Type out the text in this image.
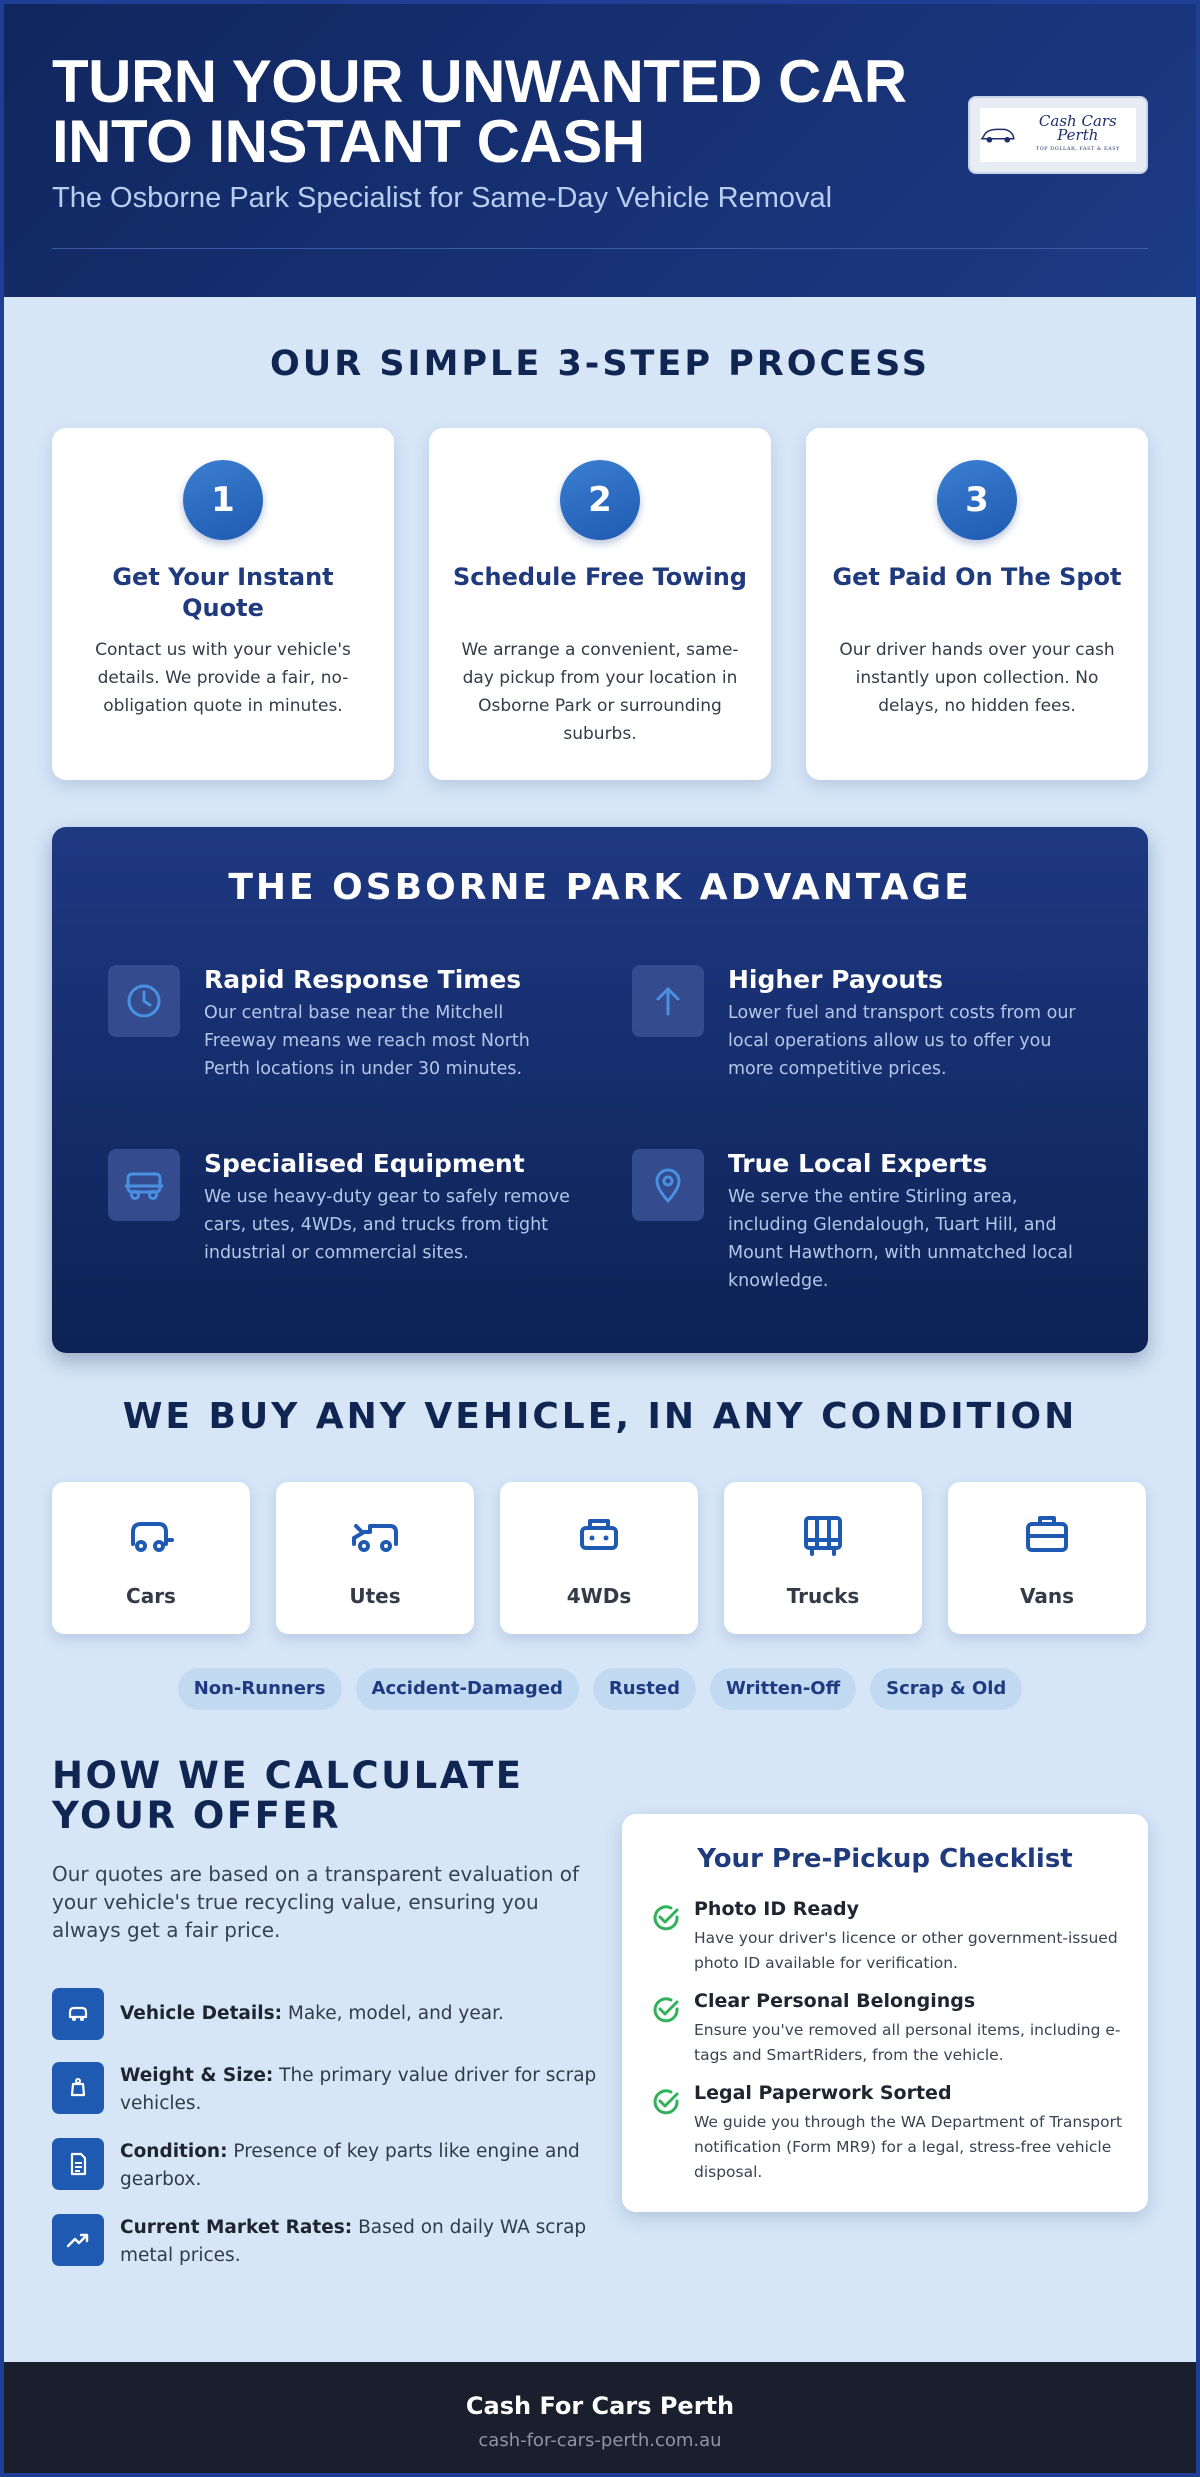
TURN YOUR UNWANTED CAR
INTO INSTANT CASH
The Osborne Park Specialist for Same-Day Vehicle Removal
Cash Cars Perth
TOP DOLLAR, FAST & EASY
OUR SIMPLE 3-STEP PROCESS
1
Get Your Instant Quote
Contact us with your vehicle's details. We provide a fair, no-obligation quote in minutes.
2
Schedule Free Towing
We arrange a convenient, same-day pickup from your location in Osborne Park or surrounding suburbs.
3
Get Paid On The Spot
Our driver hands over your cash instantly upon collection. No delays, no hidden fees.
THE OSBORNE PARK ADVANTAGE
Rapid Response Times
Our central base near the Mitchell Freeway means we reach most North Perth locations in under 30 minutes.
Higher Payouts
Lower fuel and transport costs from our local operations allow us to offer you more competitive prices.
Specialised Equipment
We use heavy-duty gear to safely remove cars, utes, 4WDs, and trucks from tight industrial or commercial sites.
True Local Experts
We serve the entire Stirling area, including Glendalough, Tuart Hill, and Mount Hawthorn, with unmatched local knowledge.
WE BUY ANY VEHICLE, IN ANY CONDITION
Cars	Utes	4WDs	Trucks	Vans
Non-Runners	Accident-Damaged	Rusted	Written-Off	Scrap & Old
HOW WE CALCULATE YOUR OFFER
Our quotes are based on a transparent evaluation of your vehicle's true recycling value, ensuring you always get a fair price.
Vehicle Details: Make, model, and year.
Weight & Size: The primary value driver for scrap vehicles.
Condition: Presence of key parts like engine and gearbox.
Current Market Rates: Based on daily WA scrap metal prices.
Your Pre-Pickup Checklist
Photo ID Ready
Have your driver's licence or other government-issued photo ID available for verification.
Clear Personal Belongings
Ensure you've removed all personal items, including e-tags and SmartRiders, from the vehicle.
Legal Paperwork Sorted
We guide you through the WA Department of Transport notification (Form MR9) for a legal, stress-free vehicle disposal.
Cash For Cars Perth
cash-for-cars-perth.com.au
